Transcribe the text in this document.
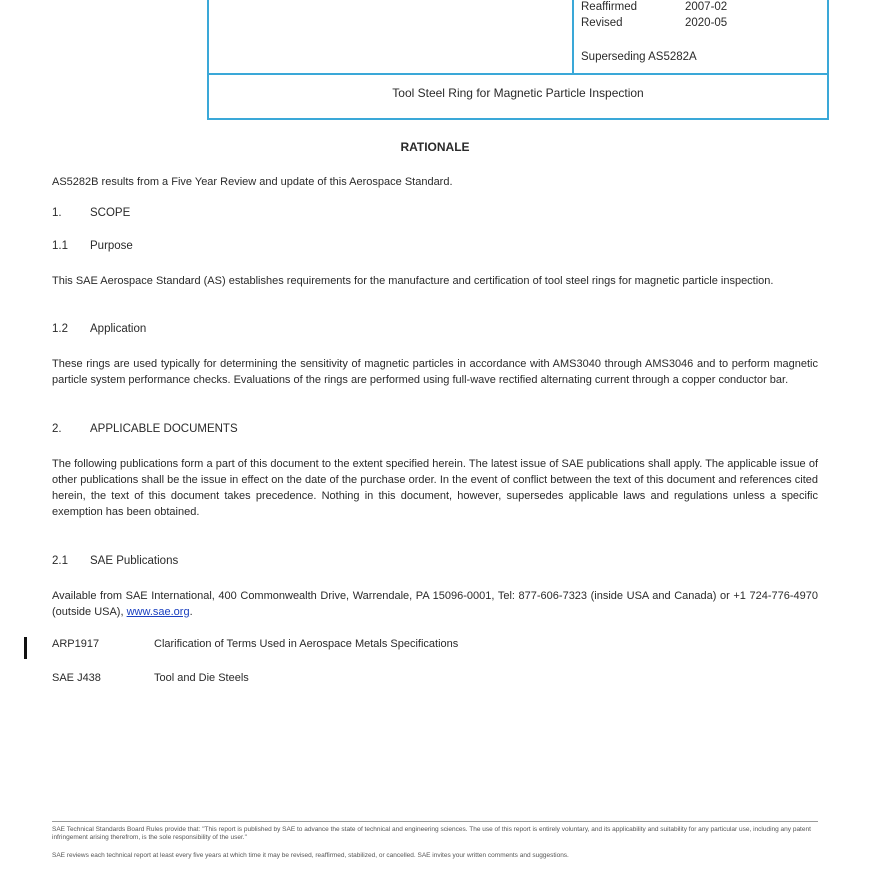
Reaffirmed	2007-02
Revised	2020-05
Superseding AS5282A
Tool Steel Ring for Magnetic Particle Inspection
RATIONALE
AS5282B results from a Five Year Review and update of this Aerospace Standard.
1. SCOPE
1.1 Purpose
This SAE Aerospace Standard (AS) establishes requirements for the manufacture and certification of tool steel rings for magnetic particle inspection.
1.2 Application
These rings are used typically for determining the sensitivity of magnetic particles in accordance with AMS3040 through AMS3046 and to perform magnetic particle system performance checks. Evaluations of the rings are performed using full-wave rectified alternating current through a copper conductor bar.
2. APPLICABLE DOCUMENTS
The following publications form a part of this document to the extent specified herein. The latest issue of SAE publications shall apply. The applicable issue of other publications shall be the issue in effect on the date of the purchase order. In the event of conflict between the text of this document and references cited herein, the text of this document takes precedence. Nothing in this document, however, supersedes applicable laws and regulations unless a specific exemption has been obtained.
2.1 SAE Publications
Available from SAE International, 400 Commonwealth Drive, Warrendale, PA 15096-0001, Tel: 877-606-7323 (inside USA and Canada) or +1 724-776-4970 (outside USA), www.sae.org.
ARP1917	Clarification of Terms Used in Aerospace Metals Specifications
SAE J438	Tool and Die Steels
SAE Technical Standards Board Rules provide that: "This report is published by SAE to advance the state of technical and engineering sciences. The use of this report is entirely voluntary, and its applicability and suitability for any particular use, including any patent infringement arising therefrom, is the sole responsibility of the user."
SAE reviews each technical report at least every five years at which time it may be revised, reaffirmed, stabilized, or cancelled. SAE invites your written comments and suggestions.
